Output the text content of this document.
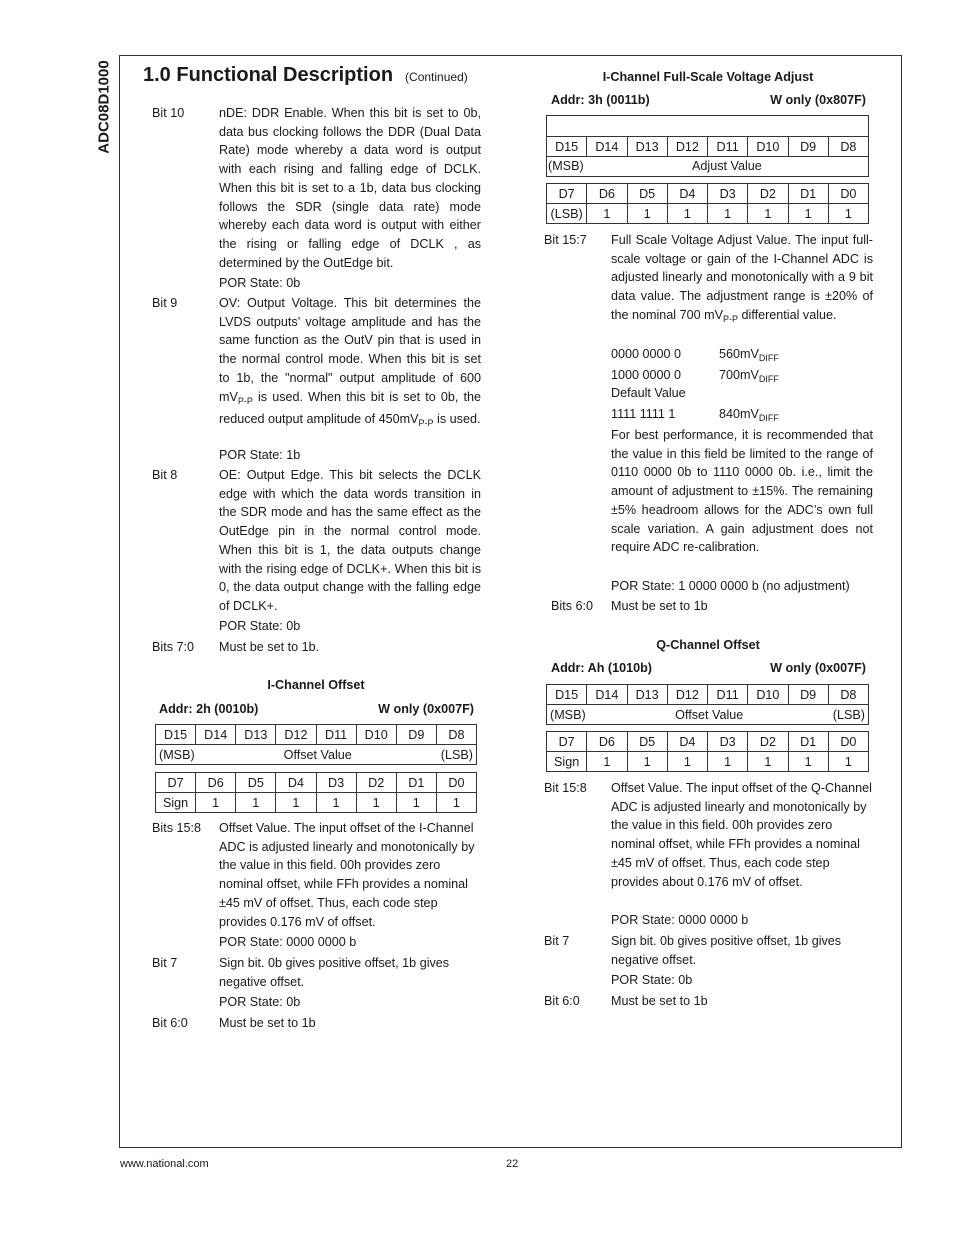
ADC08D1000 1.0 Functional Description (Continued)
Bit 10	nDE: DDR Enable. When this bit is set to 0b, data bus clocking follows the DDR (Dual Data Rate) mode whereby a data word is output with each rising and falling edge of DCLK. When this bit is set to a 1b, data bus clocking follows the SDR (single data rate) mode whereby each data word is output with either the rising or falling edge of DCLK , as determined by the OutEdge bit.
POR State: 0b
Bit 9	OV: Output Voltage. This bit determines the LVDS outputs’ voltage amplitude and has the same function as the OutV pin that is used in the normal control mode. When this bit is set to 1b, the "normal" output amplitude of 600 $mV_{P-P}$ is used. When this bit is set to 0b, the reduced output amplitude of $450mV_{P-P}$ is used.
POR State: 1b
Bit 8	OE: Output Edge. This bit selects the DCLK edge with which the data words transition in the SDR mode and has the same effect as the OutEdge pin in the normal control mode. When this bit is 1, the data outputs change with the rising edge of DCLK+. When this bit is 0, the data output change with the falling edge of DCLK+.
POR State: 0b
Bits 7:0 Must be set to 1b.
I-Channel Offset
Addr: 2h (0010b)	W only (0x007F)
D15	D14	D13	D12	D11	D10	D9	D8

(MSB)	Offset Value	(LSB)
D7	D6	D5	D4	D3	D2	D1	D0
Sign	1	1	1	1	1	1	1
Bits 15:8 Offset Value. The input offset of the I-Channel ADC is adjusted linearly and monotonically by the value in this field. 00h provides zero nominal offset, while FFh provides a nominal ±45 mV of offset. Thus, each code step provides 0.176 mV of offset.
POR State: 0000 0000 b
Bit 7	Sign bit. 0b gives positive offset, 1b gives negative offset.
POR State: 0b
Bit 6:0 Must be set to 1b
I-Channel Full-Scale Voltage Adjust
Addr: 3h (0011b)	W only (0x807F)
D15	D14	D13	D12	D11	D10	D9	D8

(MSB)	Adjust Value
D7	D6	D5	D4	D3	D2	D1	D0
(LSB)	1	1	1	1	1	1	1
Bit 15:7 Full Scale Voltage Adjust Value. The input full-scale voltage or gain of the I-Channel ADC is adjusted linearly and monotonically with a 9 bit data value. The adjustment range is ±20% of the nominal 700 $mV_{P-P}$ differential value.
0000 0000 0	$560mV_{DIFF}$
1000 0000 0	$700mV_{DIFF}$
Default Value
1111 1111 1	$840mV_{DIFF}$
For best performance, it is recommended that the value in this field be limited to the range of 0110 0000 0b to 1110 0000 0b. i.e., limit the amount of adjustment to ±15%. The remaining ±5% headroom allows for the ADC’s own full scale variation. A gain adjustment does not require ADC re-calibration.
POR State: 1 0000 0000 b (no adjustment)
Bits 6:0 Must be set to 1b
Q-Channel Offset
Addr: Ah (1010b)	W only (0x007F)
D15	D14	D13	D12	D11	D10	D9	D8

(MSB)	Offset Value	(LSB)
D7	D6	D5	D4	D3	D2	D1	D0
Sign	1	1	1	1	1	1	1
Bit 15:8 Offset Value. The input offset of the Q-Channel ADC is adjusted linearly and monotonically by the value in this field. 00h provides zero nominal offset, while FFh provides a nominal ±45 mV of offset. Thus, each code step provides about 0.176 mV of offset.
POR State: 0000 0000 b
Bit 7	Sign bit. 0b gives positive offset, 1b gives negative offset.
POR State: 0b
Bit 6:0 Must be set to 1b
www.national.com	22
